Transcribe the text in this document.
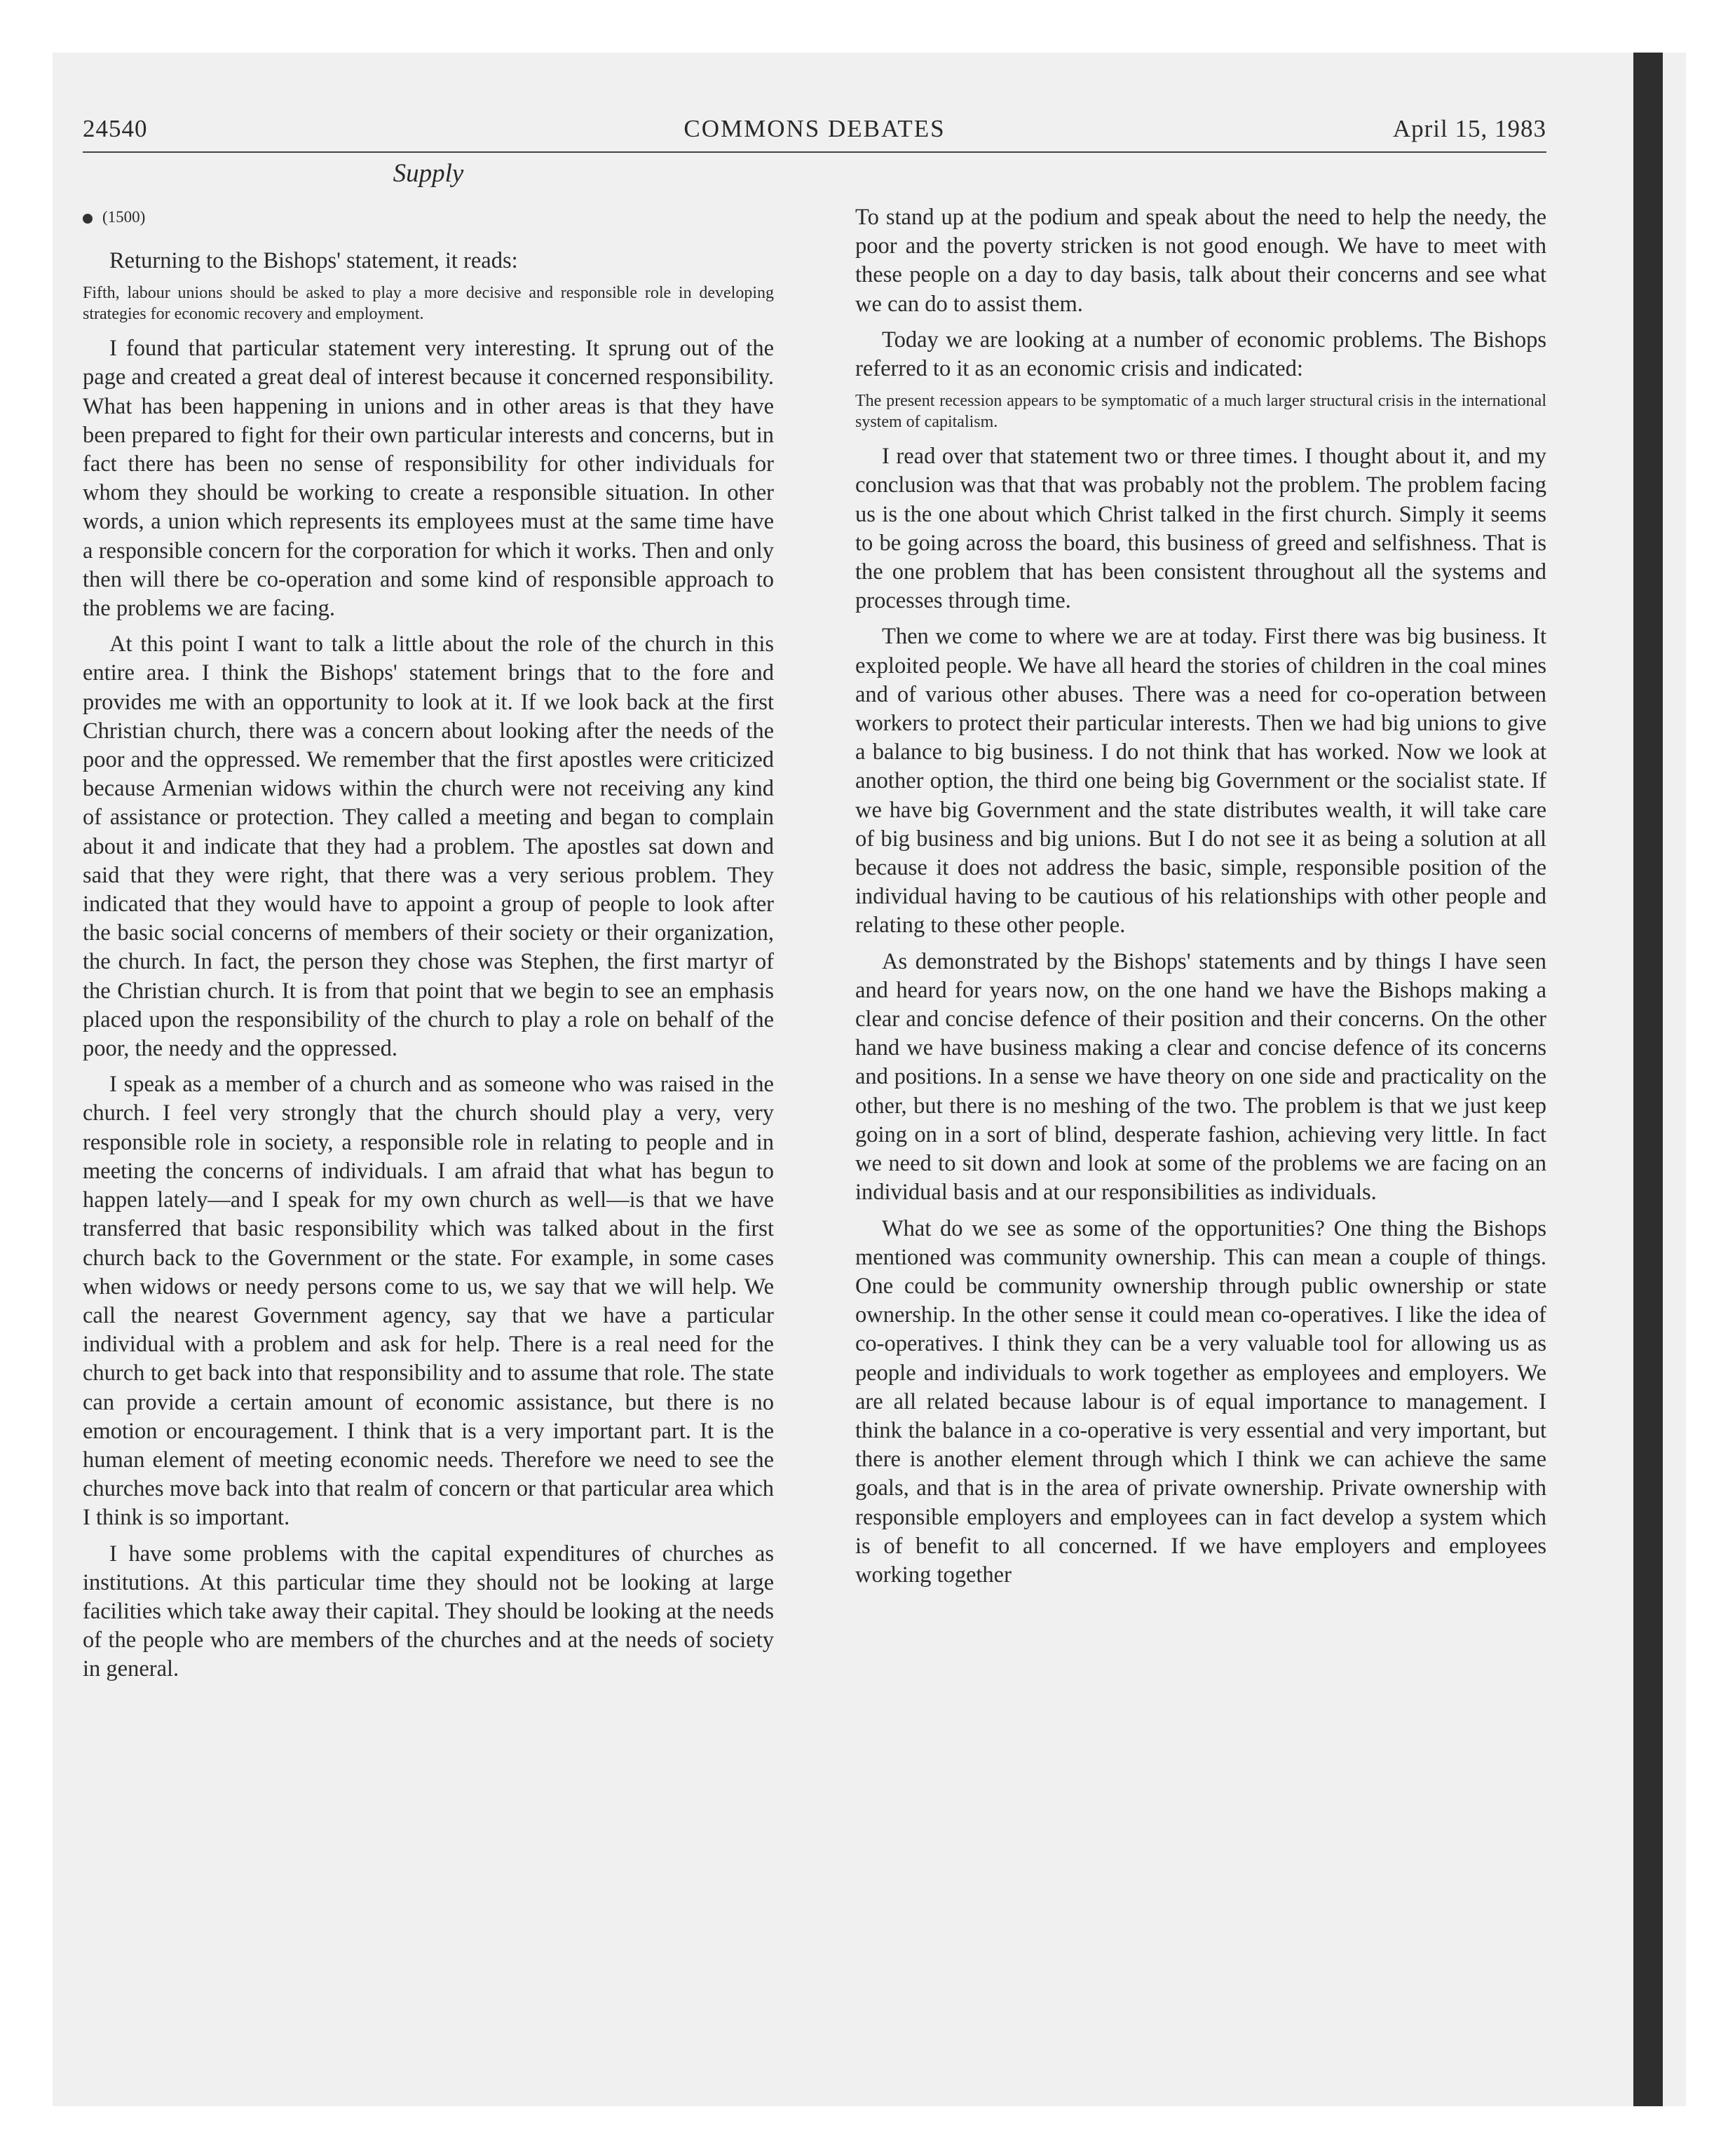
24540	COMMONS DEBATES	April 15, 1983
Supply
(1500)

Returning to the Bishops' statement, it reads:

Fifth, labour unions should be asked to play a more decisive and responsible role in developing strategies for economic recovery and employment.

I found that particular statement very interesting. It sprung out of the page and created a great deal of interest because it concerned responsibility. What has been happening in unions and in other areas is that they have been prepared to fight for their own particular interests and concerns, but in fact there has been no sense of responsibility for other individuals for whom they should be working to create a responsible situation. In other words, a union which represents its employees must at the same time have a responsible concern for the corporation for which it works. Then and only then will there be co-operation and some kind of responsible approach to the problems we are facing.

At this point I want to talk a little about the role of the church in this entire area. I think the Bishops' statement brings that to the fore and provides me with an opportunity to look at it. If we look back at the first Christian church, there was a concern about looking after the needs of the poor and the oppressed. We remember that the first apostles were criticized because Armenian widows within the church were not receiving any kind of assistance or protection. They called a meeting and began to complain about it and indicate that they had a problem. The apostles sat down and said that they were right, that there was a very serious problem. They indicated that they would have to appoint a group of people to look after the basic social concerns of members of their society or their organization, the church. In fact, the person they chose was Stephen, the first martyr of the Christian church. It is from that point that we begin to see an emphasis placed upon the responsibility of the church to play a role on behalf of the poor, the needy and the oppressed.

I speak as a member of a church and as someone who was raised in the church. I feel very strongly that the church should play a very, very responsible role in society, a responsible role in relating to people and in meeting the concerns of individuals. I am afraid that what has begun to happen lately—and I speak for my own church as well—is that we have transferred that basic responsibility which was talked about in the first church back to the Government or the state. For example, in some cases when widows or needy persons come to us, we say that we will help. We call the nearest Government agency, say that we have a particular individual with a problem and ask for help. There is a real need for the church to get back into that responsibility and to assume that role. The state can provide a certain amount of economic assistance, but there is no emotion or encouragement. I think that is a very important part. It is the human element of meeting economic needs. Therefore we need to see the churches move back into that realm of concern or that particular area which I think is so important.

I have some problems with the capital expenditures of churches as institutions. At this particular time they should not be looking at large facilities which take away their capital. They should be looking at the needs of the people who are members of the churches and at the needs of society in general.

To stand up at the podium and speak about the need to help the needy, the poor and the poverty stricken is not good enough. We have to meet with these people on a day to day basis, talk about their concerns and see what we can do to assist them.

Today we are looking at a number of economic problems. The Bishops referred to it as an economic crisis and indicated:

The present recession appears to be symptomatic of a much larger structural crisis in the international system of capitalism.

I read over that statement two or three times. I thought about it, and my conclusion was that that was probably not the problem. The problem facing us is the one about which Christ talked in the first church. Simply it seems to be going across the board, this business of greed and selfishness. That is the one problem that has been consistent throughout all the systems and processes through time.

Then we come to where we are at today. First there was big business. It exploited people. We have all heard the stories of children in the coal mines and of various other abuses. There was a need for co-operation between workers to protect their particular interests. Then we had big unions to give a balance to big business. I do not think that has worked. Now we look at another option, the third one being big Government or the socialist state. If we have big Government and the state distributes wealth, it will take care of big business and big unions. But I do not see it as being a solution at all because it does not address the basic, simple, responsible position of the individual having to be cautious of his relationships with other people and relating to these other people.

As demonstrated by the Bishops' statements and by things I have seen and heard for years now, on the one hand we have the Bishops making a clear and concise defence of their position and their concerns. On the other hand we have business making a clear and concise defence of its concerns and positions. In a sense we have theory on one side and practicality on the other, but there is no meshing of the two. The problem is that we just keep going on in a sort of blind, desperate fashion, achieving very little. In fact we need to sit down and look at some of the problems we are facing on an individual basis and at our responsibilities as individuals.

What do we see as some of the opportunities? One thing the Bishops mentioned was community ownership. This can mean a couple of things. One could be community ownership through public ownership or state ownership. In the other sense it could mean co-operatives. I like the idea of co-operatives. I think they can be a very valuable tool for allowing us as people and individuals to work together as employees and employers. We are all related because labour is of equal importance to management. I think the balance in a co-operative is very essential and very important, but there is another element through which I think we can achieve the same goals, and that is in the area of private ownership. Private ownership with responsible employers and employees can in fact develop a system which is of benefit to all concerned. If we have employers and employees working together
